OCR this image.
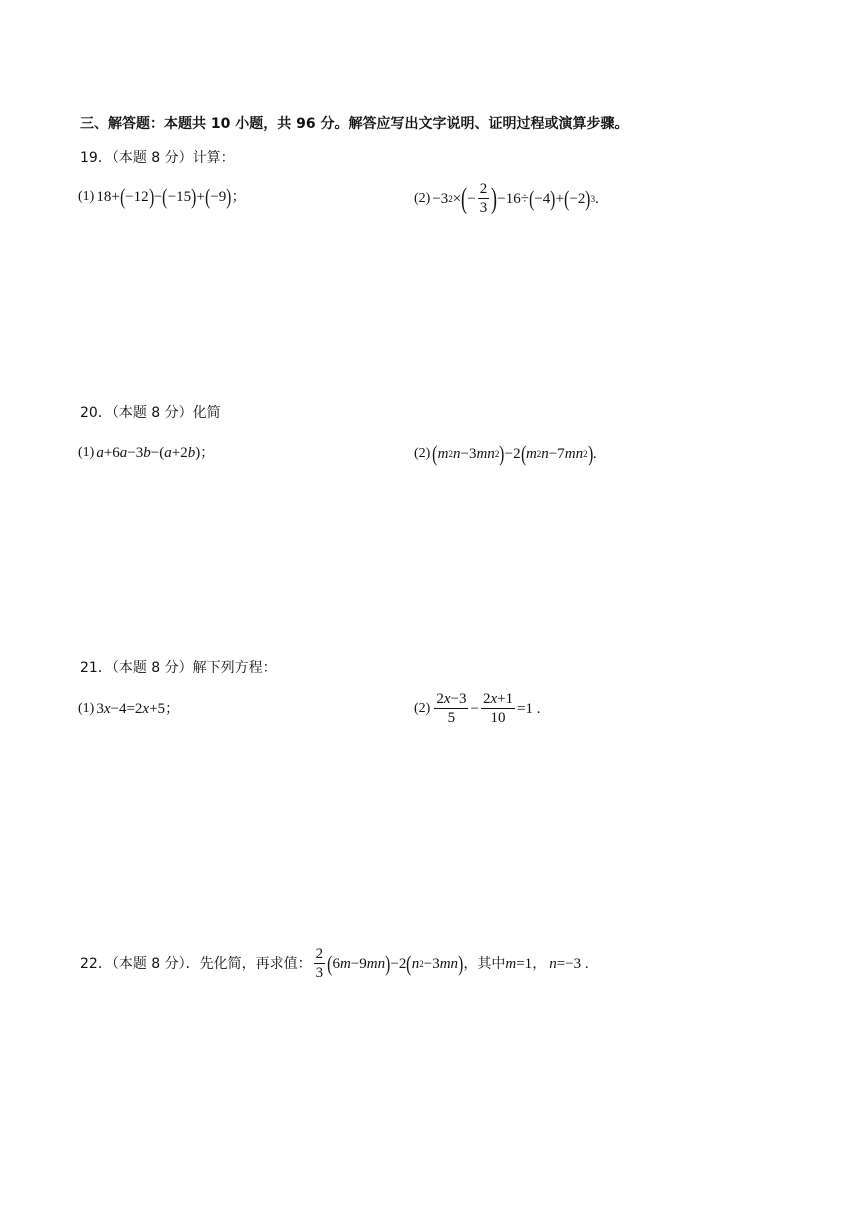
三、解答题：本题共 10 小题，共 96 分。解答应写出文字说明、证明过程或演算步骤。
19．（本题 8 分）计算：
(1) 18+ ( −12 ) − ( −15 ) + ( −9 ) ；	(2) −3 2 × ( − $\frac{2}{3}$ ) −16÷ ( −4 ) + ( −2 ) 3 .
20．（本题 8 分）化简
(1) a +6 a −3 b −( a +2 b ) ；	(2) ( m 2 n −3 mn 2 ) −2 ( m 2 n −7 mn 2 ) .
21．（本题 8 分）解下列方程：
(1) 3 x −4=2 x +5 ；	$(2) \frac{2x-3}{5} - \frac{2x+1}{10} =1$ .
22．（本题 8 分）．先化简，再求值： $\frac{2}{3}$ ( 6 m −9 mn ) −2 ( n 2 −3 mn ) ，其中 m =1 ， n =−3 .
